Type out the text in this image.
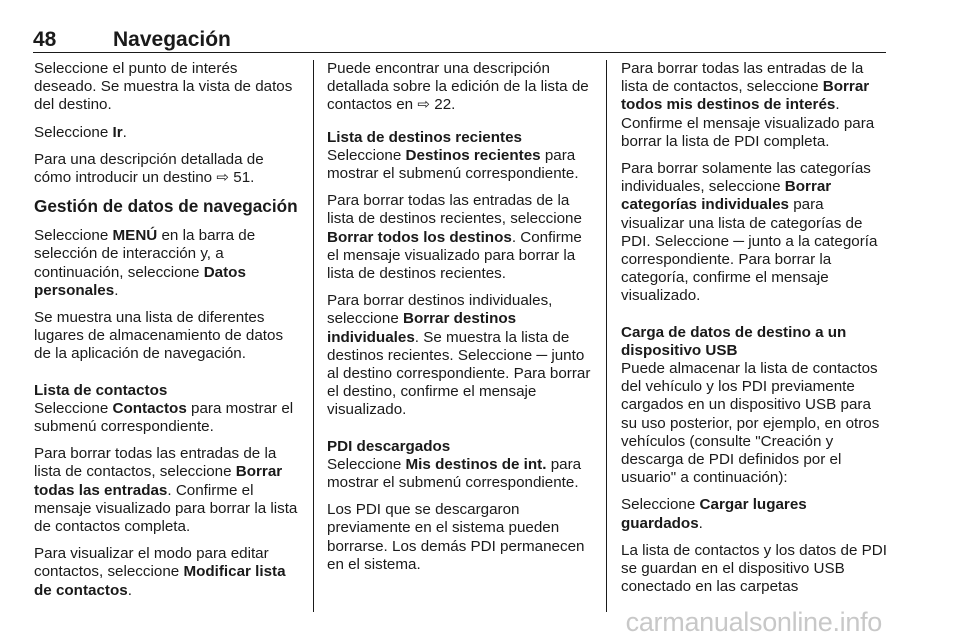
48	Navegación

Seleccione el punto de interés deseado. Se muestra la vista de datos del destino.

Seleccione Ir.

Para una descripción detallada de cómo introducir un destino ⇨ 51.

Gestión de datos de navegación

Seleccione MENÚ en la barra de selección de interacción y, a continuación, seleccione Datos personales.

Se muestra una lista de diferentes lugares de almacenamiento de datos de la aplicación de navegación.

Lista de contactos

Seleccione Contactos para mostrar el submenú correspondiente.

Para borrar todas las entradas de la lista de contactos, seleccione Borrar todas las entradas. Confirme el mensaje visualizado para borrar la lista de contactos completa.

Para visualizar el modo para editar contactos, seleccione Modificar lista de contactos.

Puede encontrar una descripción detallada sobre la edición de la lista de contactos en ⇨ 22.

Lista de destinos recientes

Seleccione Destinos recientes para mostrar el submenú correspondiente.

Para borrar todas las entradas de la lista de destinos recientes, seleccione Borrar todos los destinos. Confirme el mensaje visualizado para borrar la lista de destinos recientes.

Para borrar destinos individuales, seleccione Borrar destinos individuales. Se muestra la lista de destinos recientes. Seleccione ─ junto al destino correspondiente. Para borrar el destino, confirme el mensaje visualizado.

PDI descargados

Seleccione Mis destinos de int. para mostrar el submenú correspondiente.

Los PDI que se descargaron previamente en el sistema pueden borrarse. Los demás PDI permanecen en el sistema.

Para borrar todas las entradas de la lista de contactos, seleccione Borrar todos mis destinos de interés. Confirme el mensaje visualizado para borrar la lista de PDI completa.

Para borrar solamente las categorías individuales, seleccione Borrar categorías individuales para visualizar una lista de categorías de PDI. Seleccione ─ junto a la categoría correspondiente. Para borrar la categoría, confirme el mensaje visualizado.

Carga de datos de destino a un dispositivo USB

Puede almacenar la lista de contactos del vehículo y los PDI previamente cargados en un dispositivo USB para su uso posterior, por ejemplo, en otros vehículos (consulte "Creación y descarga de PDI definidos por el usuario" a continuación):

Seleccione Cargar lugares guardados.

La lista de contactos y los datos de PDI se guardan en el dispositivo USB conectado en las carpetas

carmanualsonline.info
